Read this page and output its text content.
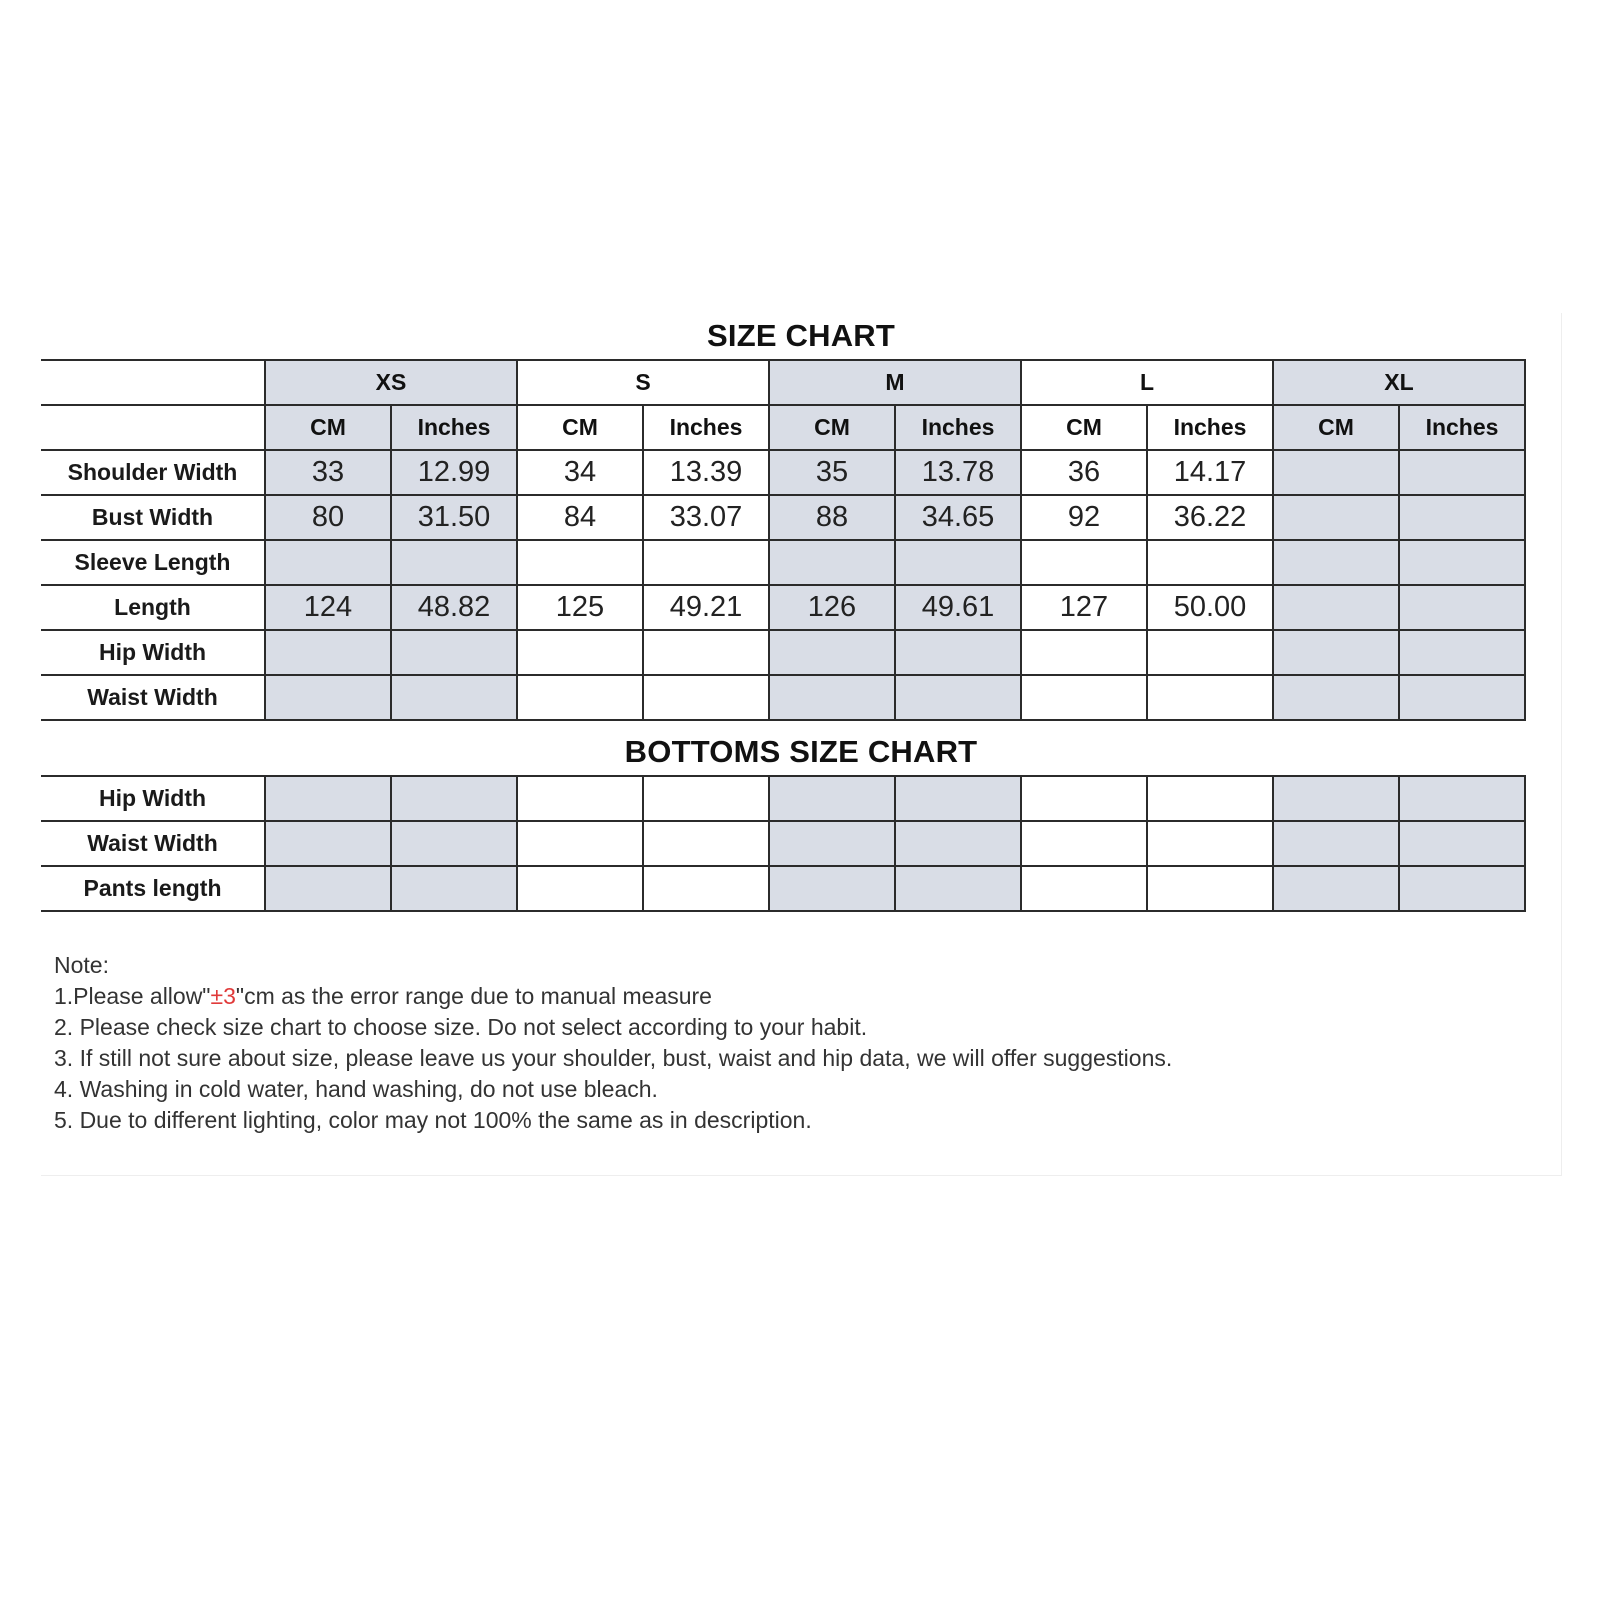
SIZE CHART
	XS		S		M		L		XL	
	CM	Inches	CM	Inches	CM	Inches	CM	Inches	CM	Inches
Shoulder Width	33	12.99	34	13.39	35	13.78	36	14.17		
Bust Width	80	31.50	84	33.07	88	34.65	92	36.22		
Sleeve Length										
Length	124	48.82	125	49.21	126	49.61	127	50.00		
Hip Width										
Waist Width										
BOTTOMS SIZE CHART
Hip Width										
Waist Width										
Pants length										
Note:
1.Please allow"±3"cm as the error range due to manual measure
2. Please check size chart to choose size. Do not select according to your habit.
3. If still not sure about size, please leave us your shoulder, bust, waist and hip data, we will offer suggestions.
4. Washing in cold water, hand washing, do not use bleach.
5. Due to different lighting, color may not 100% the same as in description.
